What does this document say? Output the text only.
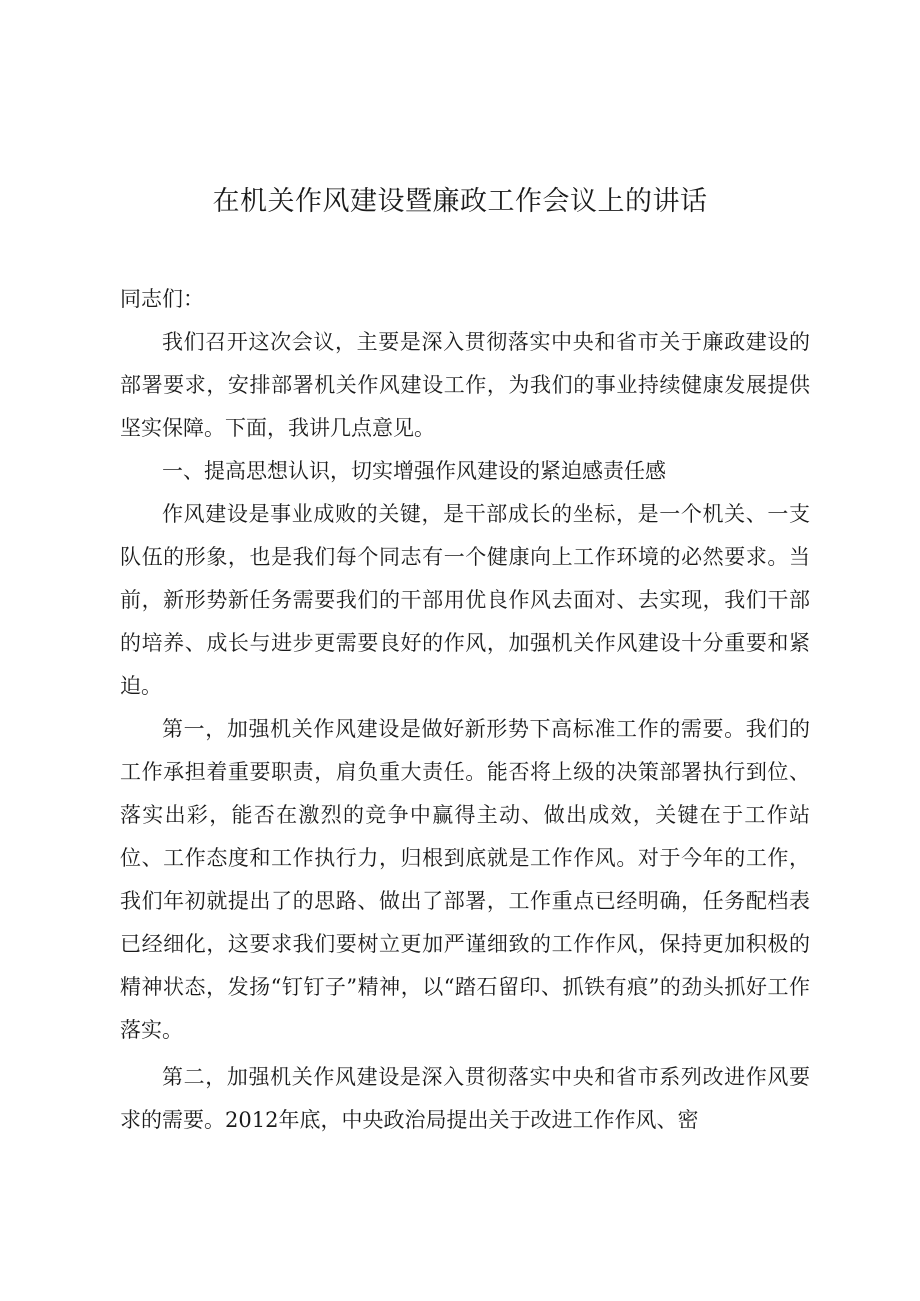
在机关作风建设暨廉政工作会议上的讲话

同志们：

我们召开这次会议，主要是深入贯彻落实中央和省市关于廉政建设的部署要求，安排部署机关作风建设工作，为我们的事业持续健康发展提供坚实保障。下面，我讲几点意见。

一、提高思想认识，切实增强作风建设的紧迫感责任感

作风建设是事业成败的关键，是干部成长的坐标，是一个机关、一支队伍的形象，也是我们每个同志有一个健康向上工作环境的必然要求。当前，新形势新任务需要我们的干部用优良作风去面对、去实现，我们干部的培养、成长与进步更需要良好的作风，加强机关作风建设十分重要和紧迫。

第一，加强机关作风建设是做好新形势下高标准工作的需要。我们的工作承担着重要职责，肩负重大责任。能否将上级的决策部署执行到位、落实出彩，能否在激烈的竞争中赢得主动、做出成效，关键在于工作站位、工作态度和工作执行力，归根到底就是工作作风。对于今年的工作，我们年初就提出了的思路、做出了部署，工作重点已经明确，任务配档表已经细化，这要求我们要树立更加严谨细致的工作作风，保持更加积极的精神状态，发扬“钉钉子”精神，以“踏石留印、抓铁有痕”的劲头抓好工作落实。

第二，加强机关作风建设是深入贯彻落实中央和省市系列改进作风要求的需要。2012年底，中央政治局提出关于改进工作作风、密
